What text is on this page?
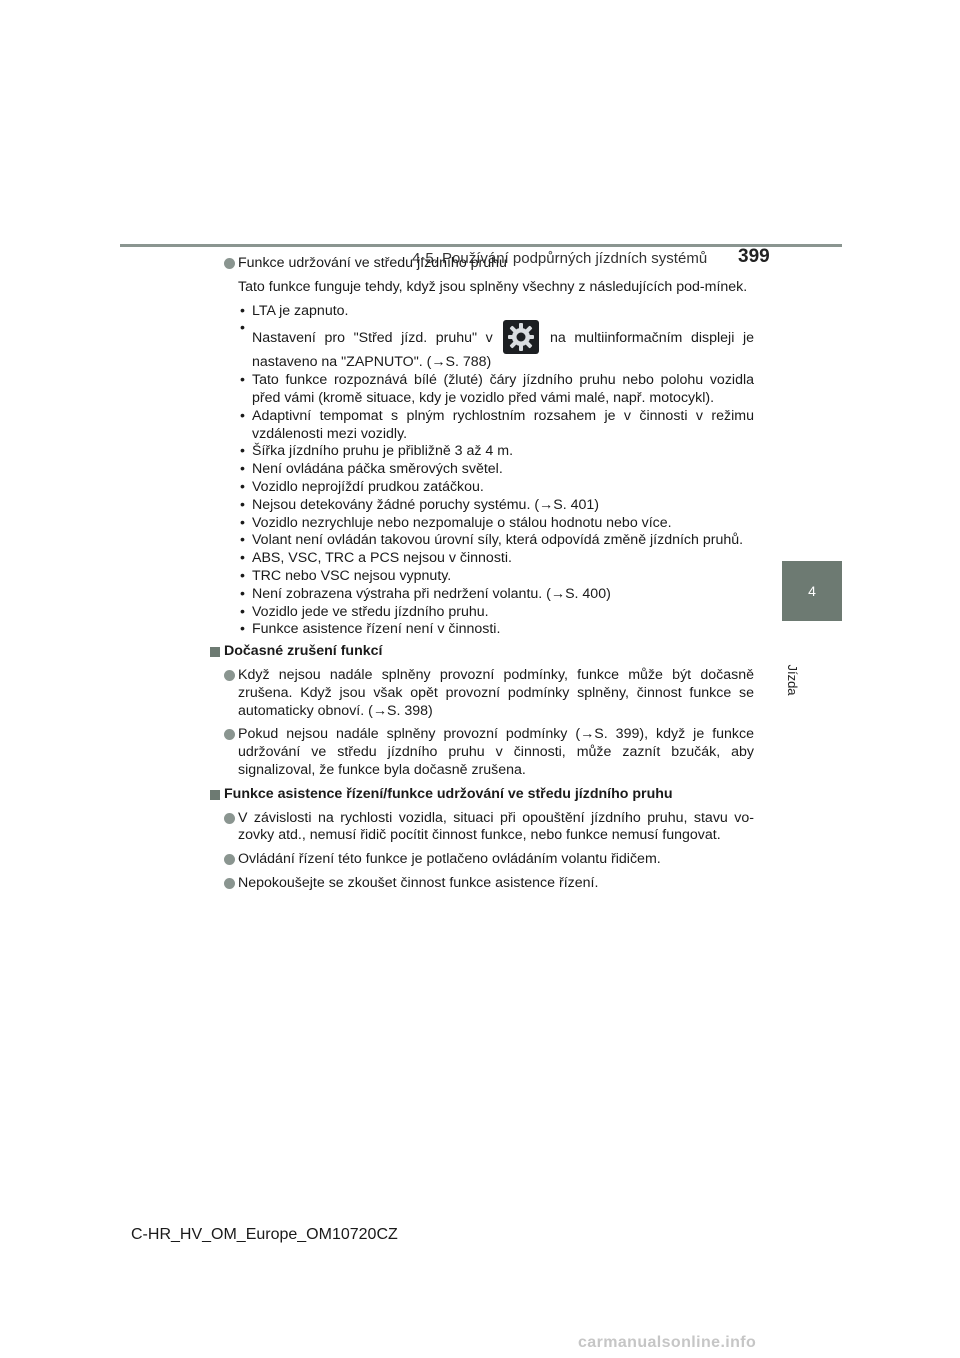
4-5. Používání podpůrných jízdních systémů 399
4
Jízda
Funkce udržování ve středu jízdního pruhu
Tato funkce funguje tehdy, když jsou splněny všechny z následujících pod-mínek.
• LTA je zapnuto.
• Nastavení pro "Střed jízd. pruhu" v	na multiinformačním displeji je nastaveno na "ZAPNUTO". (→S. 788)
• Tato funkce rozpoznává bílé (žluté) čáry jízdního pruhu nebo polohu vozidla před vámi (kromě situace, kdy je vozidlo před vámi malé, např. motocykl).
• Adaptivní tempomat s plným rychlostním rozsahem je v činnosti v režimu vzdálenosti mezi vozidly.
• Šířka jízdního pruhu je přibližně 3 až 4 m.
• Není ovládána páčka směrových světel.
• Vozidlo neprojíždí prudkou zatáčkou.
• Nejsou detekovány žádné poruchy systému. (→S. 401)
• Vozidlo nezrychluje nebo nezpomaluje o stálou hodnotu nebo více.
• Volant není ovládán takovou úrovní síly, která odpovídá změně jízdních pruhů.
• ABS, VSC, TRC a PCS nejsou v činnosti.
• TRC nebo VSC nejsou vypnuty.
• Není zobrazena výstraha při nedržení volantu. (→S. 400)
• Vozidlo jede ve středu jízdního pruhu.
• Funkce asistence řízení není v činnosti.
Dočasné zrušení funkcí
Když nejsou nadále splněny provozní podmínky, funkce může být dočasně zrušena. Když jsou však opět provozní podmínky splněny, činnost funkce se automaticky obnoví. (→S. 398)
Pokud nejsou nadále splněny provozní podmínky (→S. 399), když je funkce udržování ve středu jízdního pruhu v činnosti, může zaznít bzučák, aby signalizoval, že funkce byla dočasně zrušena.
Funkce asistence řízení/funkce udržování ve středu jízdního pruhu
V závislosti na rychlosti vozidla, situaci při opouštění jízdního pruhu, stavu vo-zovky atd., nemusí řidič pocítit činnost funkce, nebo funkce nemusí fungovat.
Ovládání řízení této funkce je potlačeno ovládáním volantu řidičem.
Nepokoušejte se zkoušet činnost funkce asistence řízení.
C-HR_HV_OM_Europe_OM10720CZ
carmanualsonline.info
